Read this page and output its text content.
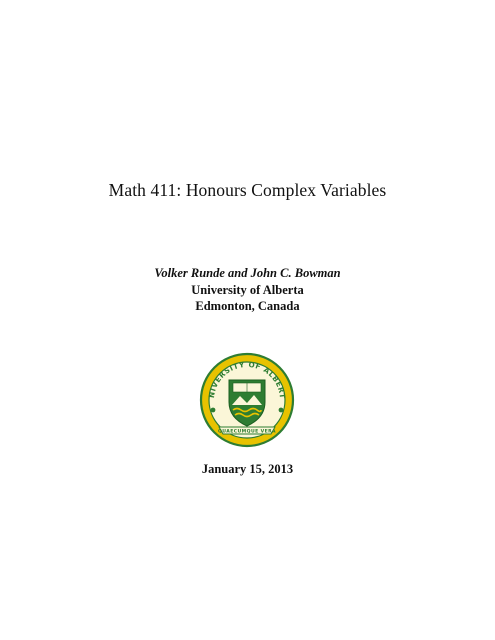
Math 411: Honours Complex Variables
Volker Runde and John C. Bowman
University of Alberta
Edmonton, Canada
NIVERSITY OF ALBERT
QUAECUMQUE VERA
January 15, 2013
